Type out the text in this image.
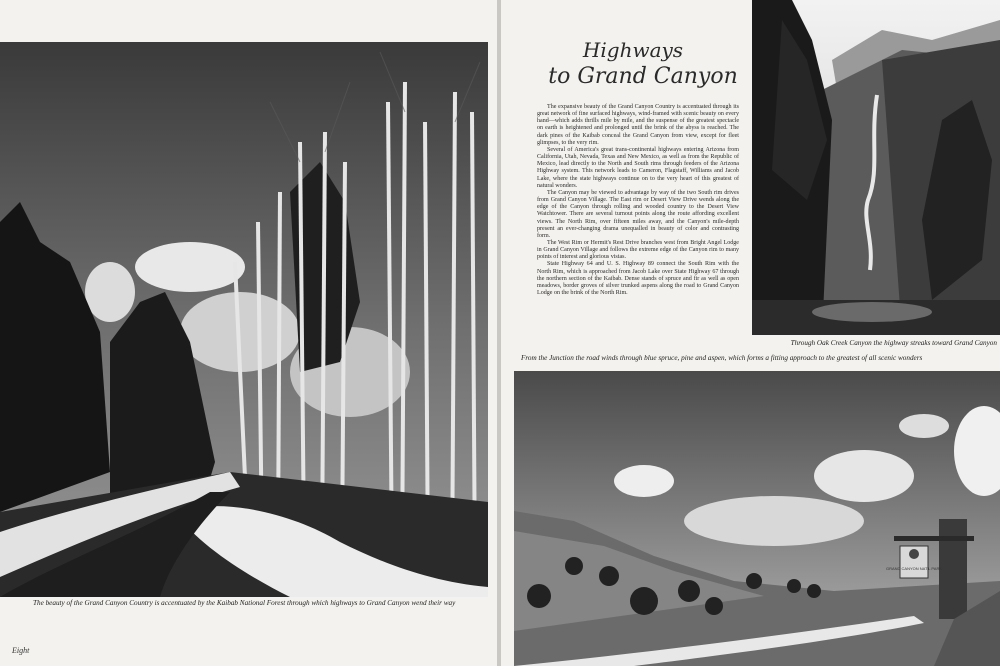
The beauty of the Grand Canyon Country is accentuated by the Kaibab National Forest through which highways to Grand Canyon wend their way
Eight
Highways
to Grand Canyon

The expansive beauty of the Grand Canyon Country is accentuated through its great network of fine surfaced highways, wind-framed with scenic beauty on every hand—which adds thrills mile by mile, and the suspense of the greatest spectacle on earth is heightened and prolonged until the brink of the abyss is reached. The dark pines of the Kaibab conceal the Grand Canyon from view, except for fleet glimpses, to the very rim.

Several of America's great trans-continental highways entering Arizona from California, Utah, Nevada, Texas and New Mexico, as well as from the Republic of Mexico, lead directly to the North and South rims through feeders of the Arizona Highway system. This network leads to Cameron, Flagstaff, Williams and Jacob Lake, where the state highways continue on to the very heart of this greatest of natural wonders.

The Canyon may be viewed to advantage by way of the two South rim drives from Grand Canyon Village. The East rim or Desert View Drive wends along the edge of the Canyon through rolling and wooded country to the Desert View Watchtower. There are several turnout points along the route affording excellent views. The North Rim, over fifteen miles away, and the Canyon's mile-depth present an ever-changing drama unequalled in beauty of color and contrasting form.

The West Rim or Hermit's Rest Drive branches west from Bright Angel Lodge in Grand Canyon Village and follows the extreme edge of the Canyon rim to many points of interest and glorious vistas.

State Highway 64 and U. S. Highway 89 connect the South Rim with the North Rim, which is approached from Jacob Lake over State Highway 67 through the northern section of the Kaibab. Dense stands of spruce and fir as well as open meadows, border groves of silver trunked aspens along the road to Grand Canyon Lodge on the brink of the North Rim.

Through Oak Creek Canyon the highway streaks toward Grand Canyon
From the Junction the road winds through blue spruce, pine and aspen, which forms a fitting approach to the greatest of all scenic wonders
GRAND CANYON NAT'L PARK
